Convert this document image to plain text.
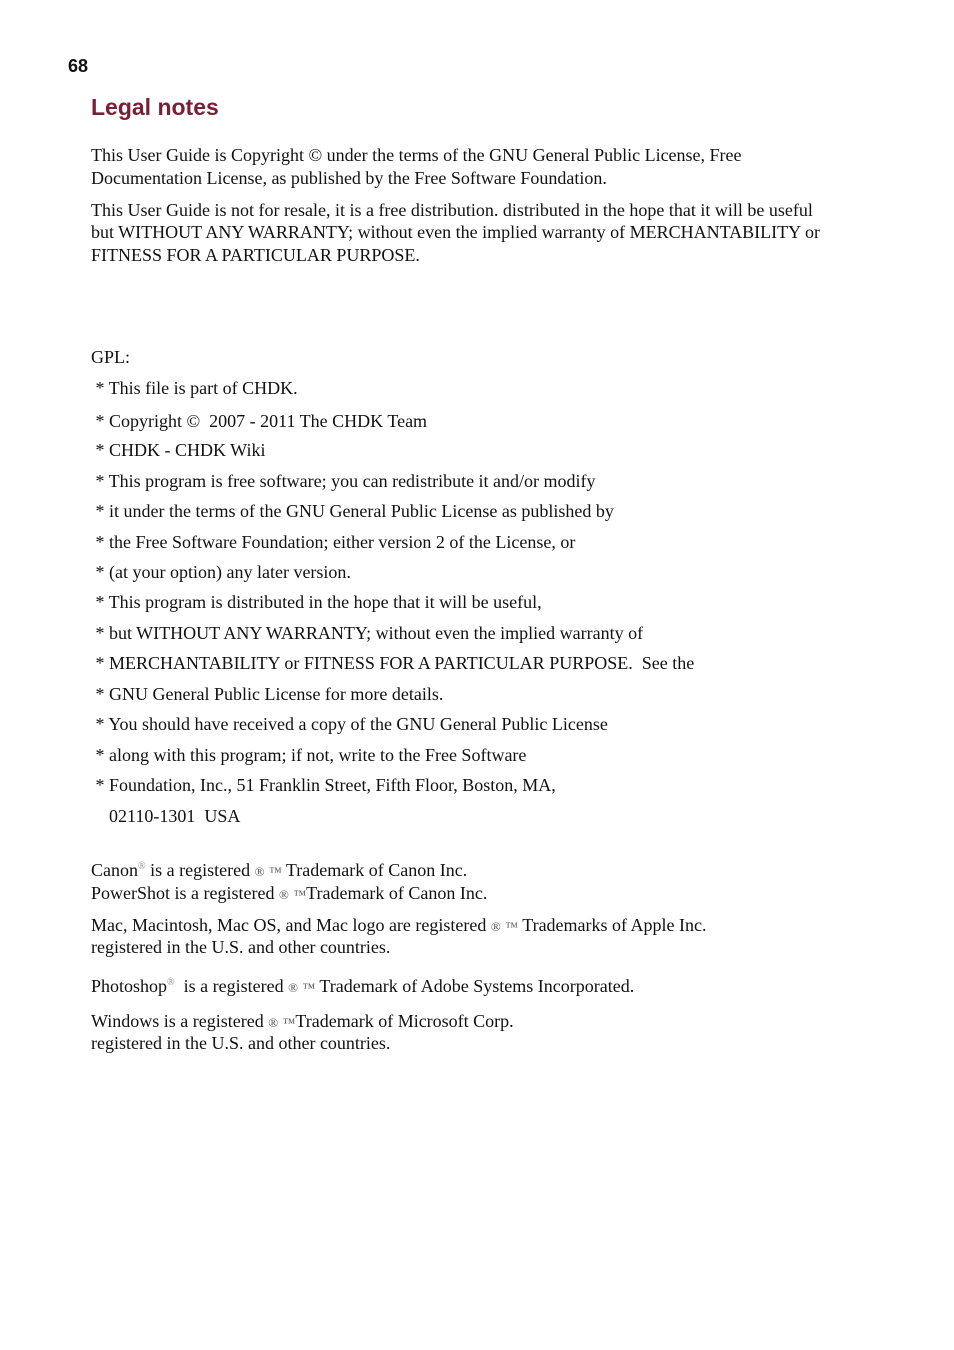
68

Legal notes

This User Guide is Copyright © under the terms of the GNU General Public License, Free

Documentation License, as published by the Free Software Foundation.

This User Guide is not for resale, it is a free distribution. distributed in the hope that it will be useful

but WITHOUT ANY WARRANTY; without even the implied warranty of MERCHANTABILITY or

FITNESS FOR A PARTICULAR PURPOSE.

GPL:

* This file is part of CHDK.

* Copyright ©  2007 - 2011 The CHDK Team

* CHDK - CHDK Wiki

* This program is free software; you can redistribute it and/or modify

* it under the terms of the GNU General Public License as published by

* the Free Software Foundation; either version 2 of the License, or

* (at your option) any later version.

* This program is distributed in the hope that it will be useful,

* but WITHOUT ANY WARRANTY; without even the implied warranty of

* MERCHANTABILITY or FITNESS FOR A PARTICULAR PURPOSE.  See the

* GNU General Public License for more details.

* You should have received a copy of the GNU General Public License

* along with this program; if not, write to the Free Software

* Foundation, Inc., 51 Franklin Street, Fifth Floor, Boston, MA,

02110-1301  USA

Canon® is a registered ® ™ Trademark of Canon Inc.

PowerShot is a registered ® ™Trademark of Canon Inc.

Mac, Macintosh, Mac OS, and Mac logo are registered ® ™ Trademarks of Apple Inc.

registered in the U.S. and other countries.

Photoshop®  is a registered ® ™ Trademark of Adobe Systems Incorporated.

Windows is a registered ® ™Trademark of Microsoft Corp.

registered in the U.S. and other countries.
